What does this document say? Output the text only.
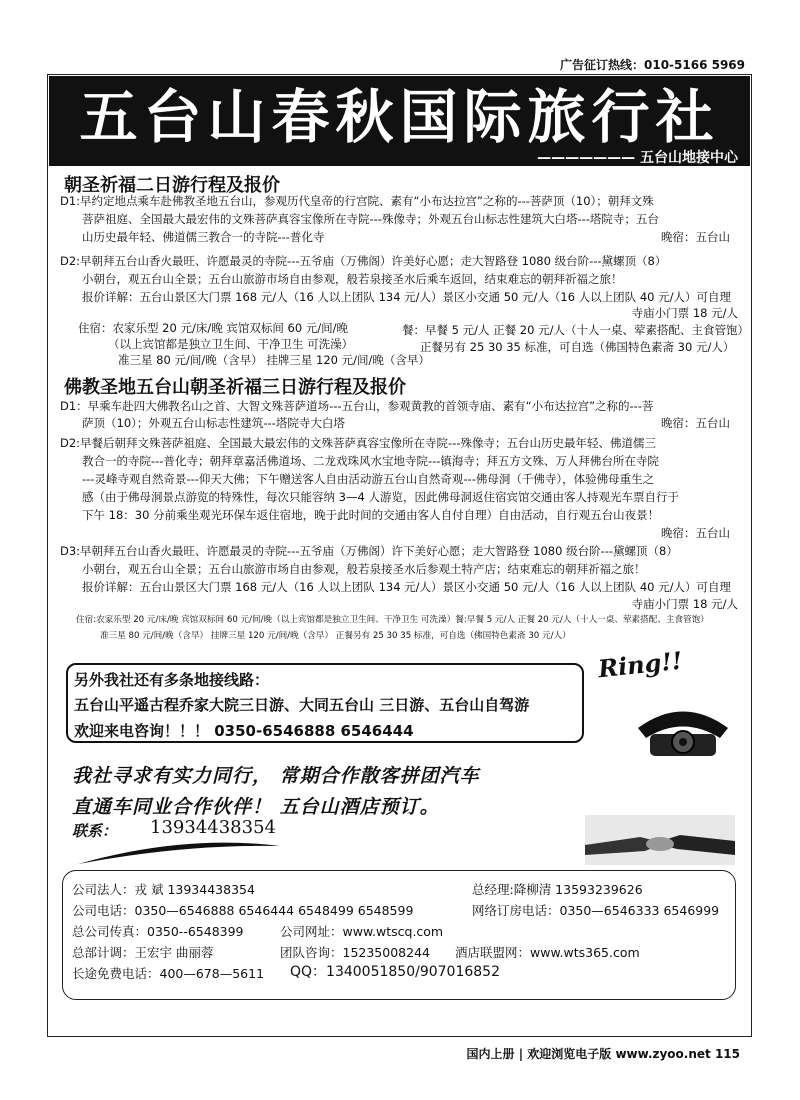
广告征订热线：010-5166 5969
五台山春秋国际旅行社
——————— 五台山地接中心
朝圣祈福二日游行程及报价
D1:早约定地点乘车赴佛教圣地五台山，参观历代皇帝的行宫院、素有“小布达拉宫”之称的---菩萨顶（10）；朝拜文殊
菩萨祖庭、全国最大最宏伟的文殊菩萨真容宝像所在寺院---殊像寺；外观五台山标志性建筑大白塔---塔院寺；五台
山历史最年轻、佛道儒三教合一的寺院---普化寺	晚宿：五台山
D2:早朝拜五台山香火最旺、许愿最灵的寺院---五爷庙（万佛阁）许美好心愿；走大智路登 1080 级台阶---黛螺顶（8）
小朝台，观五台山全景；五台山旅游市场自由参观，般若泉接圣水后乘车返回，结束难忘的朝拜祈福之旅！
报价详解：五台山景区大门票 168 元/人（16 人以上团队 134 元/人）景区小交通 50 元/人（16 人以上团队 40 元/人）可自理
寺庙小门票 18 元/人
住宿：农家乐型 20 元/床/晚 宾馆双标间 60 元/间/晚
（以上宾馆都是独立卫生间、干净卫生 可洗澡）
准三星 80 元/间/晚（含早） 挂牌三星 120 元/间/晚（含早）
餐：早餐 5 元/人 正餐 20 元/人（十人一桌、荤素搭配、主食管饱）
正餐另有 25 30 35 标准，可自选（佛国特色素斋 30 元/人）
佛教圣地五台山朝圣祈福三日游行程及报价
D1：早乘车赴四大佛教名山之首、大智文殊菩萨道场---五台山，参观黄教的首领寺庙、素有“小布达拉宫”之称的---菩
萨顶（10）；外观五台山标志性建筑---塔院寺大白塔	晚宿：五台山
D2:早餐后朝拜文殊菩萨祖庭、全国最大最宏伟的文殊菩萨真容宝像所在寺院---殊像寺；五台山历史最年轻、佛道儒三
教合一的寺院---普化寺；朝拜章嘉活佛道场、二龙戏珠风水宝地寺院---镇海寺；拜五方文殊、万人拜佛台所在寺院
---灵峰寺观自然奇景---仰天大佛；下午赠送客人自由活动游五台山自然奇观---佛母洞（千佛寺），体验佛母重生之
感（由于佛母洞景点游览的特殊性，每次只能容纳 3—4 人游览，因此佛母洞返住宿宾馆交通由客人持观光车票自行于
下午 18：30 分前乘坐观光环保车返住宿地，晚于此时间的交通由客人自付自理）自由活动，自行观五台山夜景！
晚宿：五台山
D3:早朝拜五台山香火最旺、许愿最灵的寺院---五爷庙（万佛阁）许下美好心愿；走大智路登 1080 级台阶---黛螺顶（8）
小朝台，观五台山全景；五台山旅游市场自由参观，般若泉接圣水后参观土特产店；结束难忘的朝拜祈福之旅！
报价详解：五台山景区大门票 168 元/人（16 人以上团队 134 元/人）景区小交通 50 元/人（16 人以上团队 40 元/人）可自理
寺庙小门票 18 元/人
住宿:农家乐型 20 元/床/晚 宾馆双标间 60 元/间/晚（以上宾馆都是独立卫生间、干净卫生 可洗澡）餐:早餐 5 元/人 正餐 20 元/人（十人一桌、荤素搭配、主食管饱）
准三星 80 元/间/晚（含早） 挂牌三星 120 元/间/晚（含早） 正餐另有 25 30 35 标准，可自选（佛国特色素斋 30 元/人）
另外我社还有多条地接线路：
五台山平遥古程乔家大院三日游、大同五台山 三日游、五台山自驾游
欢迎来电咨询！！！ 0350-6546888 6546444
Ring!!
我社寻求有实力同行， 常期合作散客拼团汽车
直通车同业合作伙伴！ 五台山酒店预订。
联系： 13934438354
公司法人：戎 斌 13934438354	总经理:降柳清 13593239626
公司电话：0350—6546888 6546444 6548499 6548599	网络订房电话：0350—6546333 6546999
总公司传真：0350--6548399	公司网址：www.wtscq.com
总部计调：王宏宇 曲丽蓉	团队咨询：15235008244 酒店联盟网：www.wts365.com
长途免费电话：400—678—5611 QQ：1340051850/907016852
国内上册 | 欢迎浏览电子版 www.zyoo.net 115
